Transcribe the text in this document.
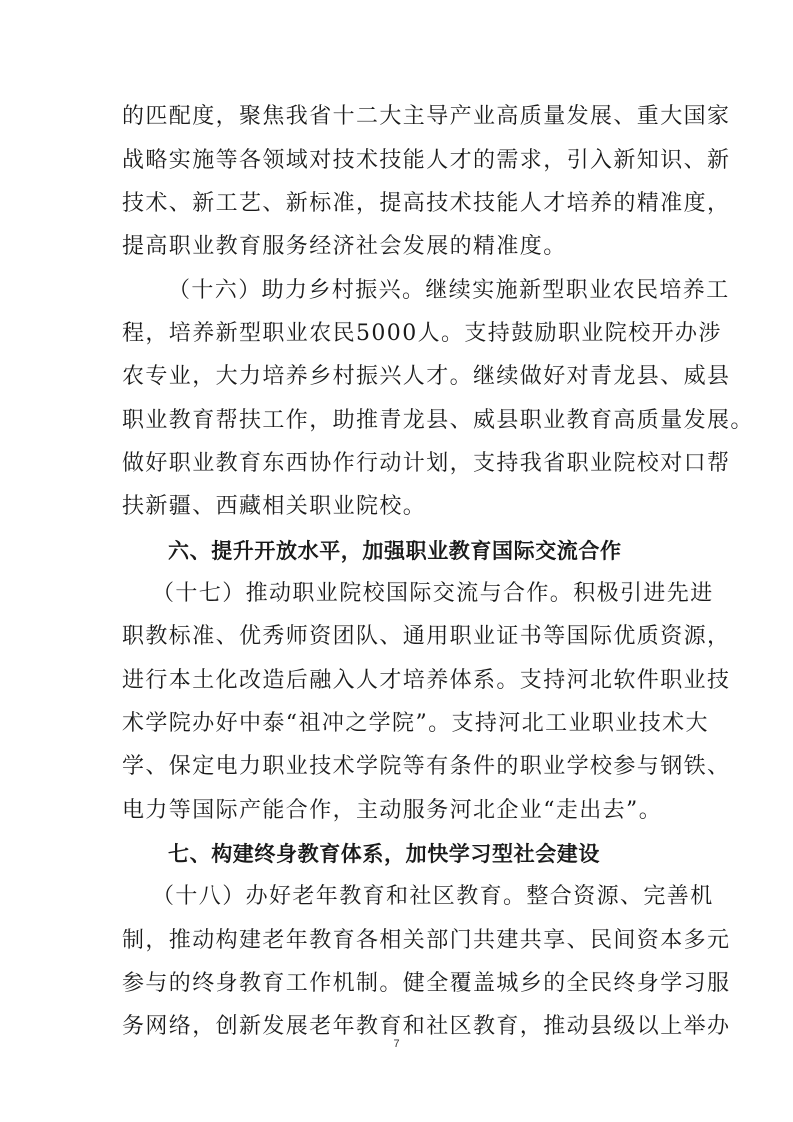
的匹配度，聚焦我省十二大主导产业高质量发展、重大国家
战略实施等各领域对技术技能人才的需求，引入新知识、新
技术、新工艺、新标准，提高技术技能人才培养的精准度，
提高职业教育服务经济社会发展的精准度。
（十六）助力乡村振兴。继续实施新型职业农民培养工
程，培养新型职业农民5000人。支持鼓励职业院校开办涉
农专业，大力培养乡村振兴人才。继续做好对青龙县、威县
职业教育帮扶工作，助推青龙县、威县职业教育高质量发展。
做好职业教育东西协作行动计划，支持我省职业院校对口帮
扶新疆、西藏相关职业院校。
六、提升开放水平，加强职业教育国际交流合作
（十七）推动职业院校国际交流与合作。积极引进先进
职教标准、优秀师资团队、通用职业证书等国际优质资源，
进行本土化改造后融入人才培养体系。支持河北软件职业技
术学院办好中泰“祖冲之学院”。支持河北工业职业技术大
学、保定电力职业技术学院等有条件的职业学校参与钢铁、
电力等国际产能合作，主动服务河北企业“走出去”。
七、构建终身教育体系，加快学习型社会建设
（十八）办好老年教育和社区教育。整合资源、完善机
制，推动构建老年教育各相关部门共建共享、民间资本多元
参与的终身教育工作机制。健全覆盖城乡的全民终身学习服
务网络，创新发展老年教育和社区教育，推动县级以上举办
7
